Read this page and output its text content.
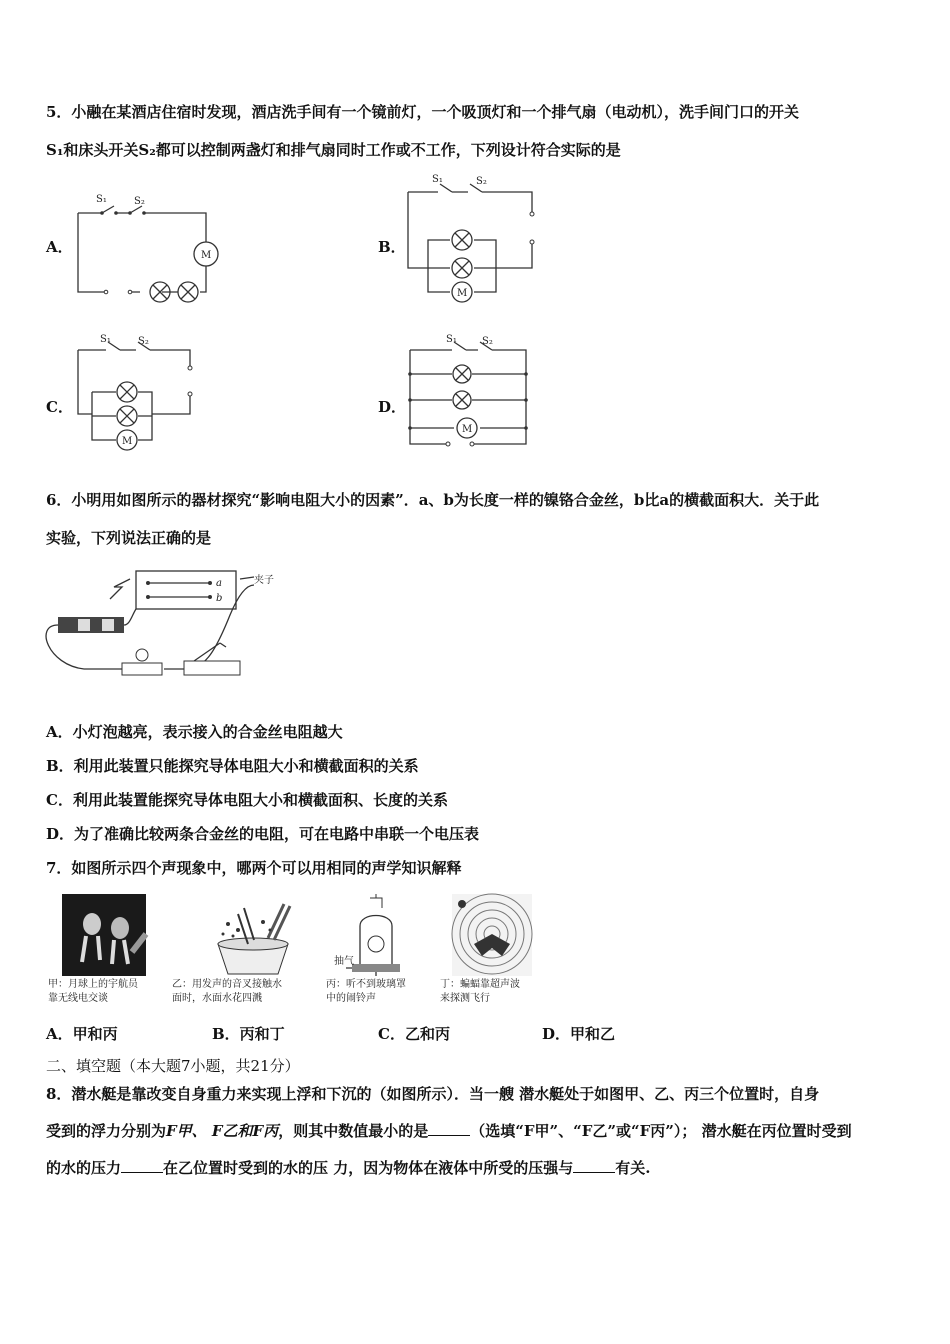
5．小融在某酒店住宿时发现，酒店洗手间有一个镜前灯，一个吸顶灯和一个排气扇（电动机），洗手间门口的开关
S₁和床头开关S₂都可以控制两盏灯和排气扇同时工作或不工作，下列设计符合实际的是
A．	B．
C．	D．
S₁	S₂
M
S₁	S₂
M
S₁	S₂
M
S₁	S₂
M
6．小明用如图所示的器材探究“影响电阻大小的因素”．a、b为长度一样的镍铬合金丝，b比a的横截面积大．关于此
实验，下列说法正确的是
a
b
夹子
A．小灯泡越亮，表示接入的合金丝电阻越大
B．利用此装置只能探究导体电阻大小和横截面积的关系
C．利用此装置能探究导体电阻大小和横截面积、长度的关系
D．为了准确比较两条合金丝的电阻，可在电路中串联一个电压表
7．如图所示四个声现象中，哪两个可以用相同的声学知识解释
甲：月球上的宇航员
靠无线电交谈
乙：用发声的音叉接触水
面时，水面水花四溅
抽气
丙：听不到玻璃罩
中的闹铃声
丁：蝙蝠靠超声波
来探测飞行
A．甲和丙	B．丙和丁	C．乙和丙	D．甲和乙
二、填空题（本大题7小题，共21分）
8．潜水艇是靠改变自身重力来实现上浮和下沉的（如图所示）．当一艘 潜水艇处于如图甲、乙、丙三个位置时，自身
受到的浮力分别为F甲、 F乙和F丙，则其中数值最小的是	（选填“F甲”、“F乙”或“F丙”）； 潜水艇在丙位置时受到
的水的压力	在乙位置时受到的水的压 力，因为物体在液体中所受的压强与	有关.
